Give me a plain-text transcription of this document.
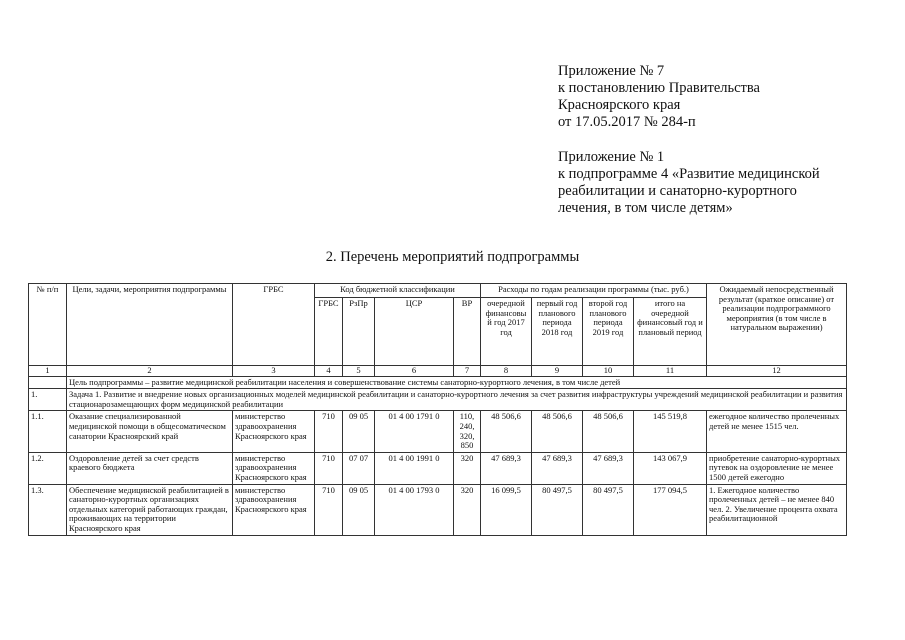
Приложение № 7
к постановлению Правительства
Красноярского края
от 17.05.2017 № 284-п
Приложение № 1
к подпрограмме 4 «Развитие медицинской
реабилитации и санаторно-курортного
лечения, в том числе детям»
2. Перечень мероприятий подпрограммы
№ п/п	Цели, задачи, мероприятия подпрограммы	ГРБС	Код бюджетной классификации				Расходы по годам реализации программы (тыс. руб.)				Ожидаемый непосредственный результат (краткое описание) от реализации подпрограммного мероприятия (в том числе в натуральном выражении)
			ГРБС	РзПр	ЦСР	ВР	очередной финансовы й год 2017 год	первый год планового периода 2018 год	второй год планового периода 2019 год	итого на очередной финансовый год и плановый период	
1	2	3	4	5	6	7	8	9	10	11	12
	Цель подпрограммы – развитие медицинской реабилитации населения и совершенствование системы санаторно-курортного лечения, в том числе детей										
1.	Задача 1. Развитие и внедрение новых организационных моделей медицинской реабилитации и санаторно-курортного лечения за счет развития инфраструктуры учреждений медицинской реабилитации и развития стационарозамещающих форм медицинской реабилитации										
1.1.	Оказание специализированной медицинской помощи в общесоматическом санатории Красноярский край	министерство здравоохранения Красноярского края	710	09 05	01 4 00 1791 0	110, 240, 320, 850	48 506,6	48 506,6	48 506,6	145 519,8	ежегодное количество пролеченных детей не менее 1515 чел.
1.2.	Оздоровление детей за счет средств краевого бюджета	министерство здравоохранения Красноярского края	710	07 07	01 4 00 1991 0	320	47 689,3	47 689,3	47 689,3	143 067,9	приобретение санаторно-курортных путевок на оздоровление не менее 1500 детей ежегодно
1.3.	Обеспечение медицинской реабилитацией в санаторно-курортных организациях отдельных категорий работающих граждан, проживающих на территории Красноярского края	министерство здравоохранения Красноярского края	710	09 05	01 4 00 1793 0	320	16 099,5	80 497,5	80 497,5	177 094,5	1. Ежегодное количество пролеченных детей – не менее 840 чел. 2. Увеличение процента охвата реабилитационной
